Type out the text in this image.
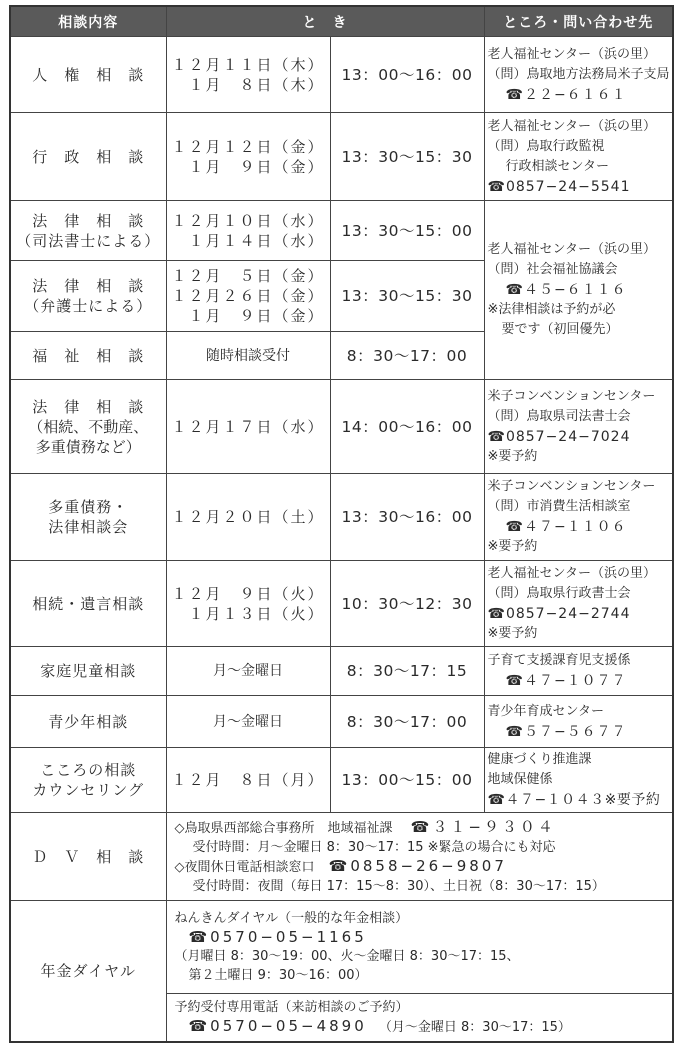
相談内容	と　き		ところ・問い合わせ先
人　権　相　談	１２月１１日（木）
　１月　８日（木）	13：00～16：00	老人福祉センター（浜の里）
（問）鳥取地方法務局米子支局
☎２２−６１６１

行　政　相　談	１２月１２日（金）
　１月　９日（金）	13：30～15：30	老人福祉センター（浜の里）
（問）鳥取行政監視
行政相談センター
☎0857−24−5541

法　律　相　談
（司法書士による）	１２月１０日（水）
　１月１４日（水）	13：30～15：00	老人福祉センター（浜の里）
（問）社会福祉協議会
☎４５−６１１６
※法律相談は予約が必
要です（初回優先）

法　律　相　談
（弁護士による）	１２月　５日（金）
１２月２６日（金）
　１月　９日（金）	13：30～15：30	
福　祉　相　談	随時相談受付	8：30～17：00	

法　律　相　談
（相続、不動産、
多重債務など）	１２月１７日（水）	14：00～16：00	米子コンベンションセンター
（問）鳥取県司法書士会
☎0857−24−7024
※要予約

多重債務・
法律相談会	１２月２０日（土）	13：30～16：00	米子コンベンションセンター
（問）市消費生活相談室
☎４７−１１０６
※要予約

相続・遺言相談	１２月　９日（火）
　１月１３日（火）	10：30～12：30	老人福祉センター（浜の里）
（問）鳥取県行政書士会
☎0857−24−2744
※要予約

家庭児童相談	月～金曜日	8：30～17：15	子育て支援課育児支援係
☎４７−１０７７

青少年相談	月～金曜日	8：30～17：00	青少年育成センター
☎５７−５６７７

こころの相談
カウンセリング	１２月　８日（月）	13：00～15：00	健康づくり推進課
地域保健係
☎４７−１０４３※要予約

Ｄ　Ｖ　相　談	◇鳥取県西部総合事務所　地域福祉課 ☎３１−９３０４
受付時間：月～金曜日 8：30～17：15 ※緊急の場合にも対応
◇夜間休日電話相談窓口 ☎0858−26−9807
受付時間：夜間（毎日 17：15～8：30）、土日祝（8：30～17：15）		

年金ダイヤル	ねんきんダイヤル（一般的な年金相談）
☎0570−05−1165
（月曜日 8：30～19：00、火～金曜日 8：30～17：15、
第２土曜日 9：30～16：00）		

	予約受付専用電話（来訪相談のご予約）
☎0570−05−4890 （月～金曜日 8：30～17：15）		
